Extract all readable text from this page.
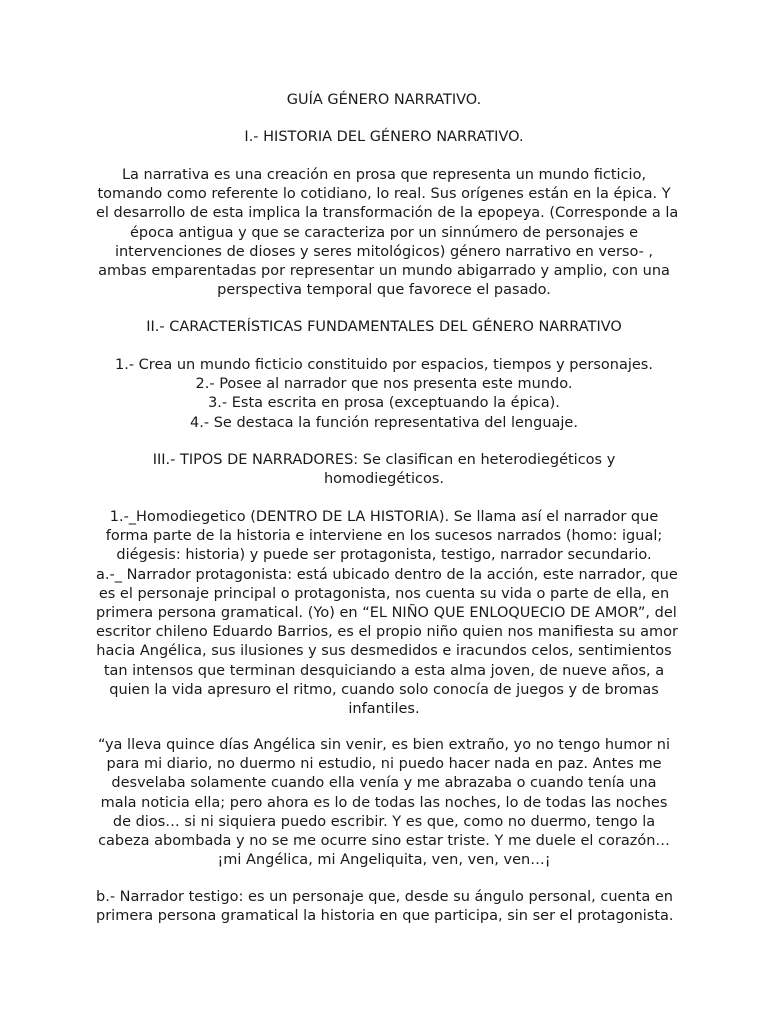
GUÍA GÉNERO NARRATIVO.
I.- HISTORIA DEL GÉNERO NARRATIVO.
La narrativa es una creación en prosa que representa un mundo ficticio,
tomando como referente lo cotidiano, lo real. Sus orígenes están en la épica. Y
el desarrollo de esta implica la transformación de la epopeya. (Corresponde a la
época antigua y que se caracteriza por un sinnúmero de personajes e
intervenciones de dioses y seres mitológicos) género narrativo en verso- ,
ambas emparentadas por representar un mundo abigarrado y amplio, con una
perspectiva temporal que favorece el pasado.
II.- CARACTERÍSTICAS FUNDAMENTALES DEL GÉNERO NARRATIVO
1.- Crea un mundo ficticio constituido por espacios, tiempos y personajes.
2.- Posee al narrador que nos presenta este mundo.
3.- Esta escrita en prosa (exceptuando la épica).
4.- Se destaca la función representativa del lenguaje.
III.- TIPOS DE NARRADORES: Se clasifican en heterodiegéticos y
homodiegéticos.
1.-_Homodiegetico (DENTRO DE LA HISTORIA). Se llama así el narrador que
forma parte de la historia e interviene en los sucesos narrados (homo: igual;
diégesis: historia) y puede ser protagonista, testigo, narrador secundario.
a.-_ Narrador protagonista: está ubicado dentro de la acción, este narrador, que
es el personaje principal o protagonista, nos cuenta su vida o parte de ella, en
primera persona gramatical. (Yo) en “EL NIÑO QUE ENLOQUECIO DE AMOR”, del
escritor chileno Eduardo Barrios, es el propio niño quien nos manifiesta su amor
hacia Angélica, sus ilusiones y sus desmedidos e iracundos celos, sentimientos
tan intensos que terminan desquiciando a esta alma joven, de nueve años, a
quien la vida apresuro el ritmo, cuando solo conocía de juegos y de bromas
infantiles.
“ya lleva quince días Angélica sin venir, es bien extraño, yo no tengo humor ni
para mi diario, no duermo ni estudio, ni puedo hacer nada en paz. Antes me
desvelaba solamente cuando ella venía y me abrazaba o cuando tenía una
mala noticia ella; pero ahora es lo de todas las noches, lo de todas las noches
de dios… si ni siquiera puedo escribir. Y es que, como no duermo, tengo la
cabeza abombada y no se me ocurre sino estar triste. Y me duele el corazón…
¡mi Angélica, mi Angeliquita, ven, ven, ven…¡
b.- Narrador testigo: es un personaje que, desde su ángulo personal, cuenta en
primera persona gramatical la historia en que participa, sin ser el protagonista.
